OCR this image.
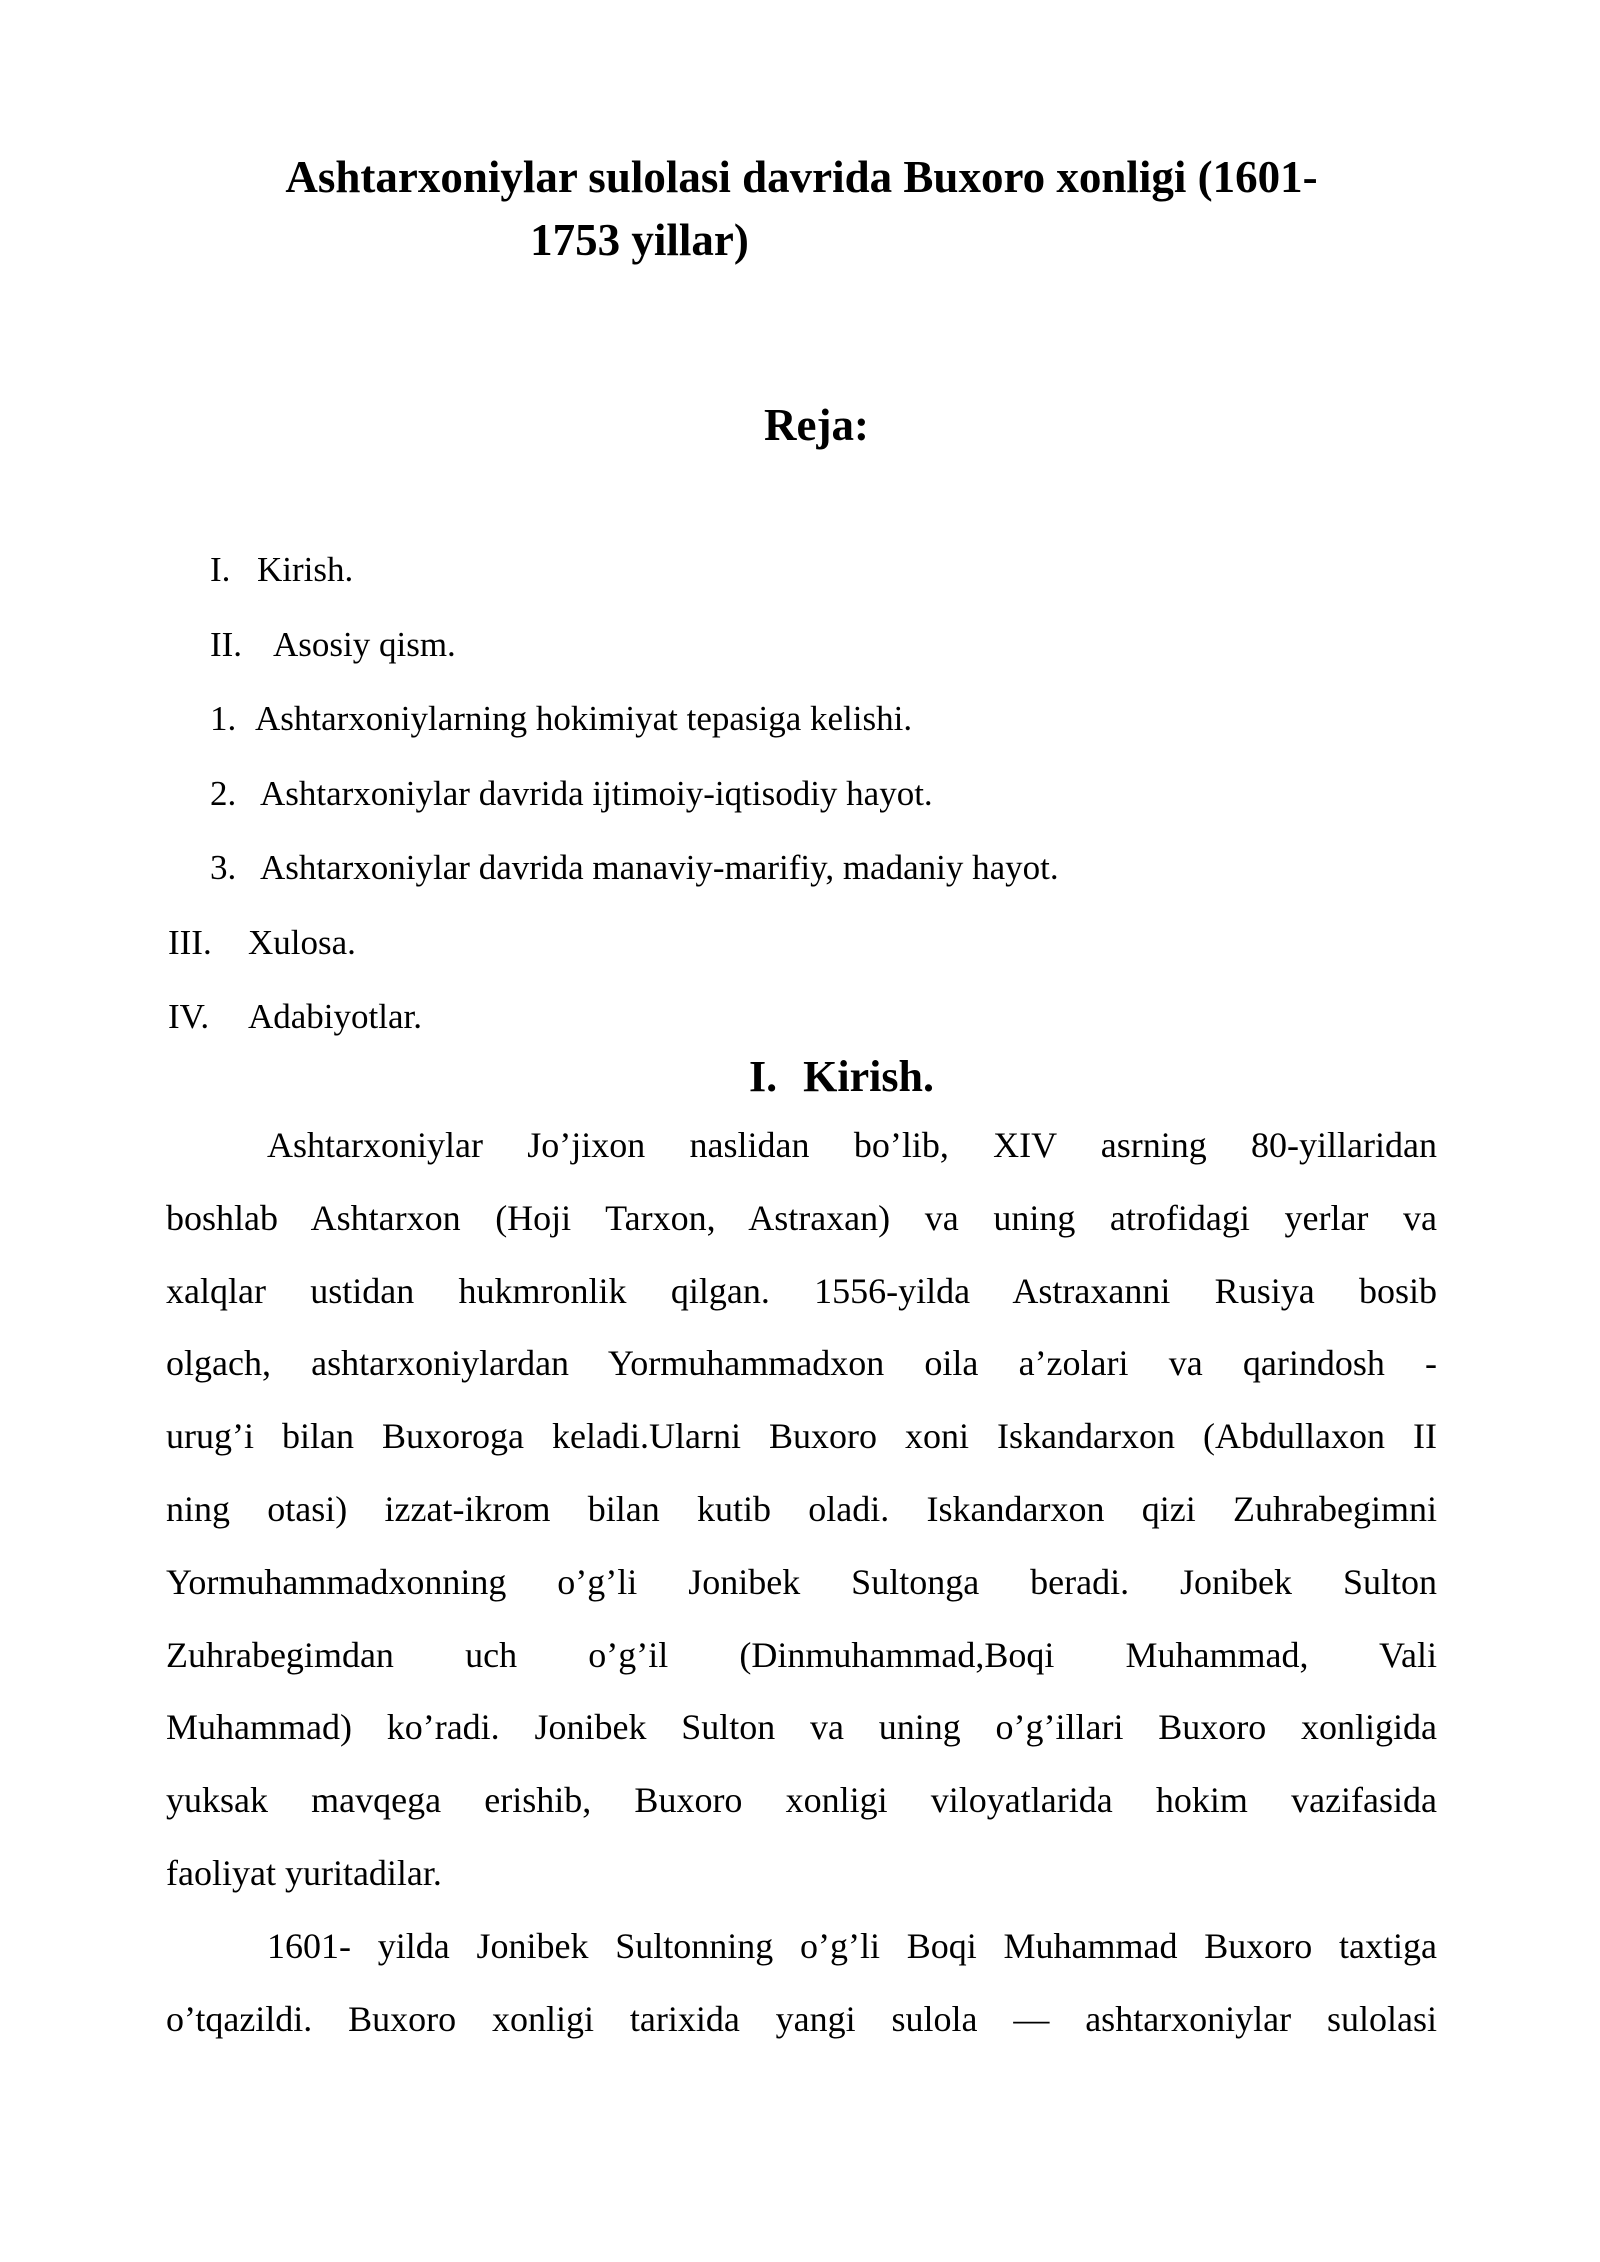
Ashtarxoniylar sulolasi davrida Buxoro xonligi (1601-
1753 yillar)
Reja:
I. Kirish.
II. Asosiy qism.
1. Ashtarxoniylarning hokimiyat tepasiga kelishi.
2. Ashtarxoniylar davrida ijtimoiy-iqtisodiy hayot.
3. Ashtarxoniylar davrida manaviy-marifiy, madaniy hayot.
III. Xulosa.
IV. Adabiyotlar.
I. Kirish.
Ashtarxoniylar Jo’jixon naslidan bo’lib, XIV asrning 80-yillaridan
boshlab Ashtarxon (Hoji Tarxon, Astraxan) va uning atrofidagi yerlar va
xalqlar ustidan hukmronlik qilgan. 1556-yilda Astraxanni Rusiya bosib
olgach, ashtarxoniylardan Yormuhammadxon oila a’zolari va qarindosh -
urug’i bilan Buxoroga keladi.Ularni Buxoro xoni Iskandarxon (Abdullaxon II
ning otasi) izzat-ikrom bilan kutib oladi. Iskandarxon qizi Zuhrabegimni
Yormuhammadxonning o’g’li Jonibek Sultonga beradi. Jonibek Sulton
Zuhrabegimdan uch o’g’il (Dinmuhammad,Boqi Muhammad, Vali
Muhammad) ko’radi. Jonibek Sulton va uning o’g’illari Buxoro xonligida
yuksak mavqega erishib, Buxoro xonligi viloyatlarida hokim vazifasida
faoliyat yuritadilar.
1601- yilda Jonibek Sultonning o’g’li Boqi Muhammad Buxoro taxtiga
o’tqazildi. Buxoro xonligi tarixida yangi sulola — ashtarxoniylar sulolasi
